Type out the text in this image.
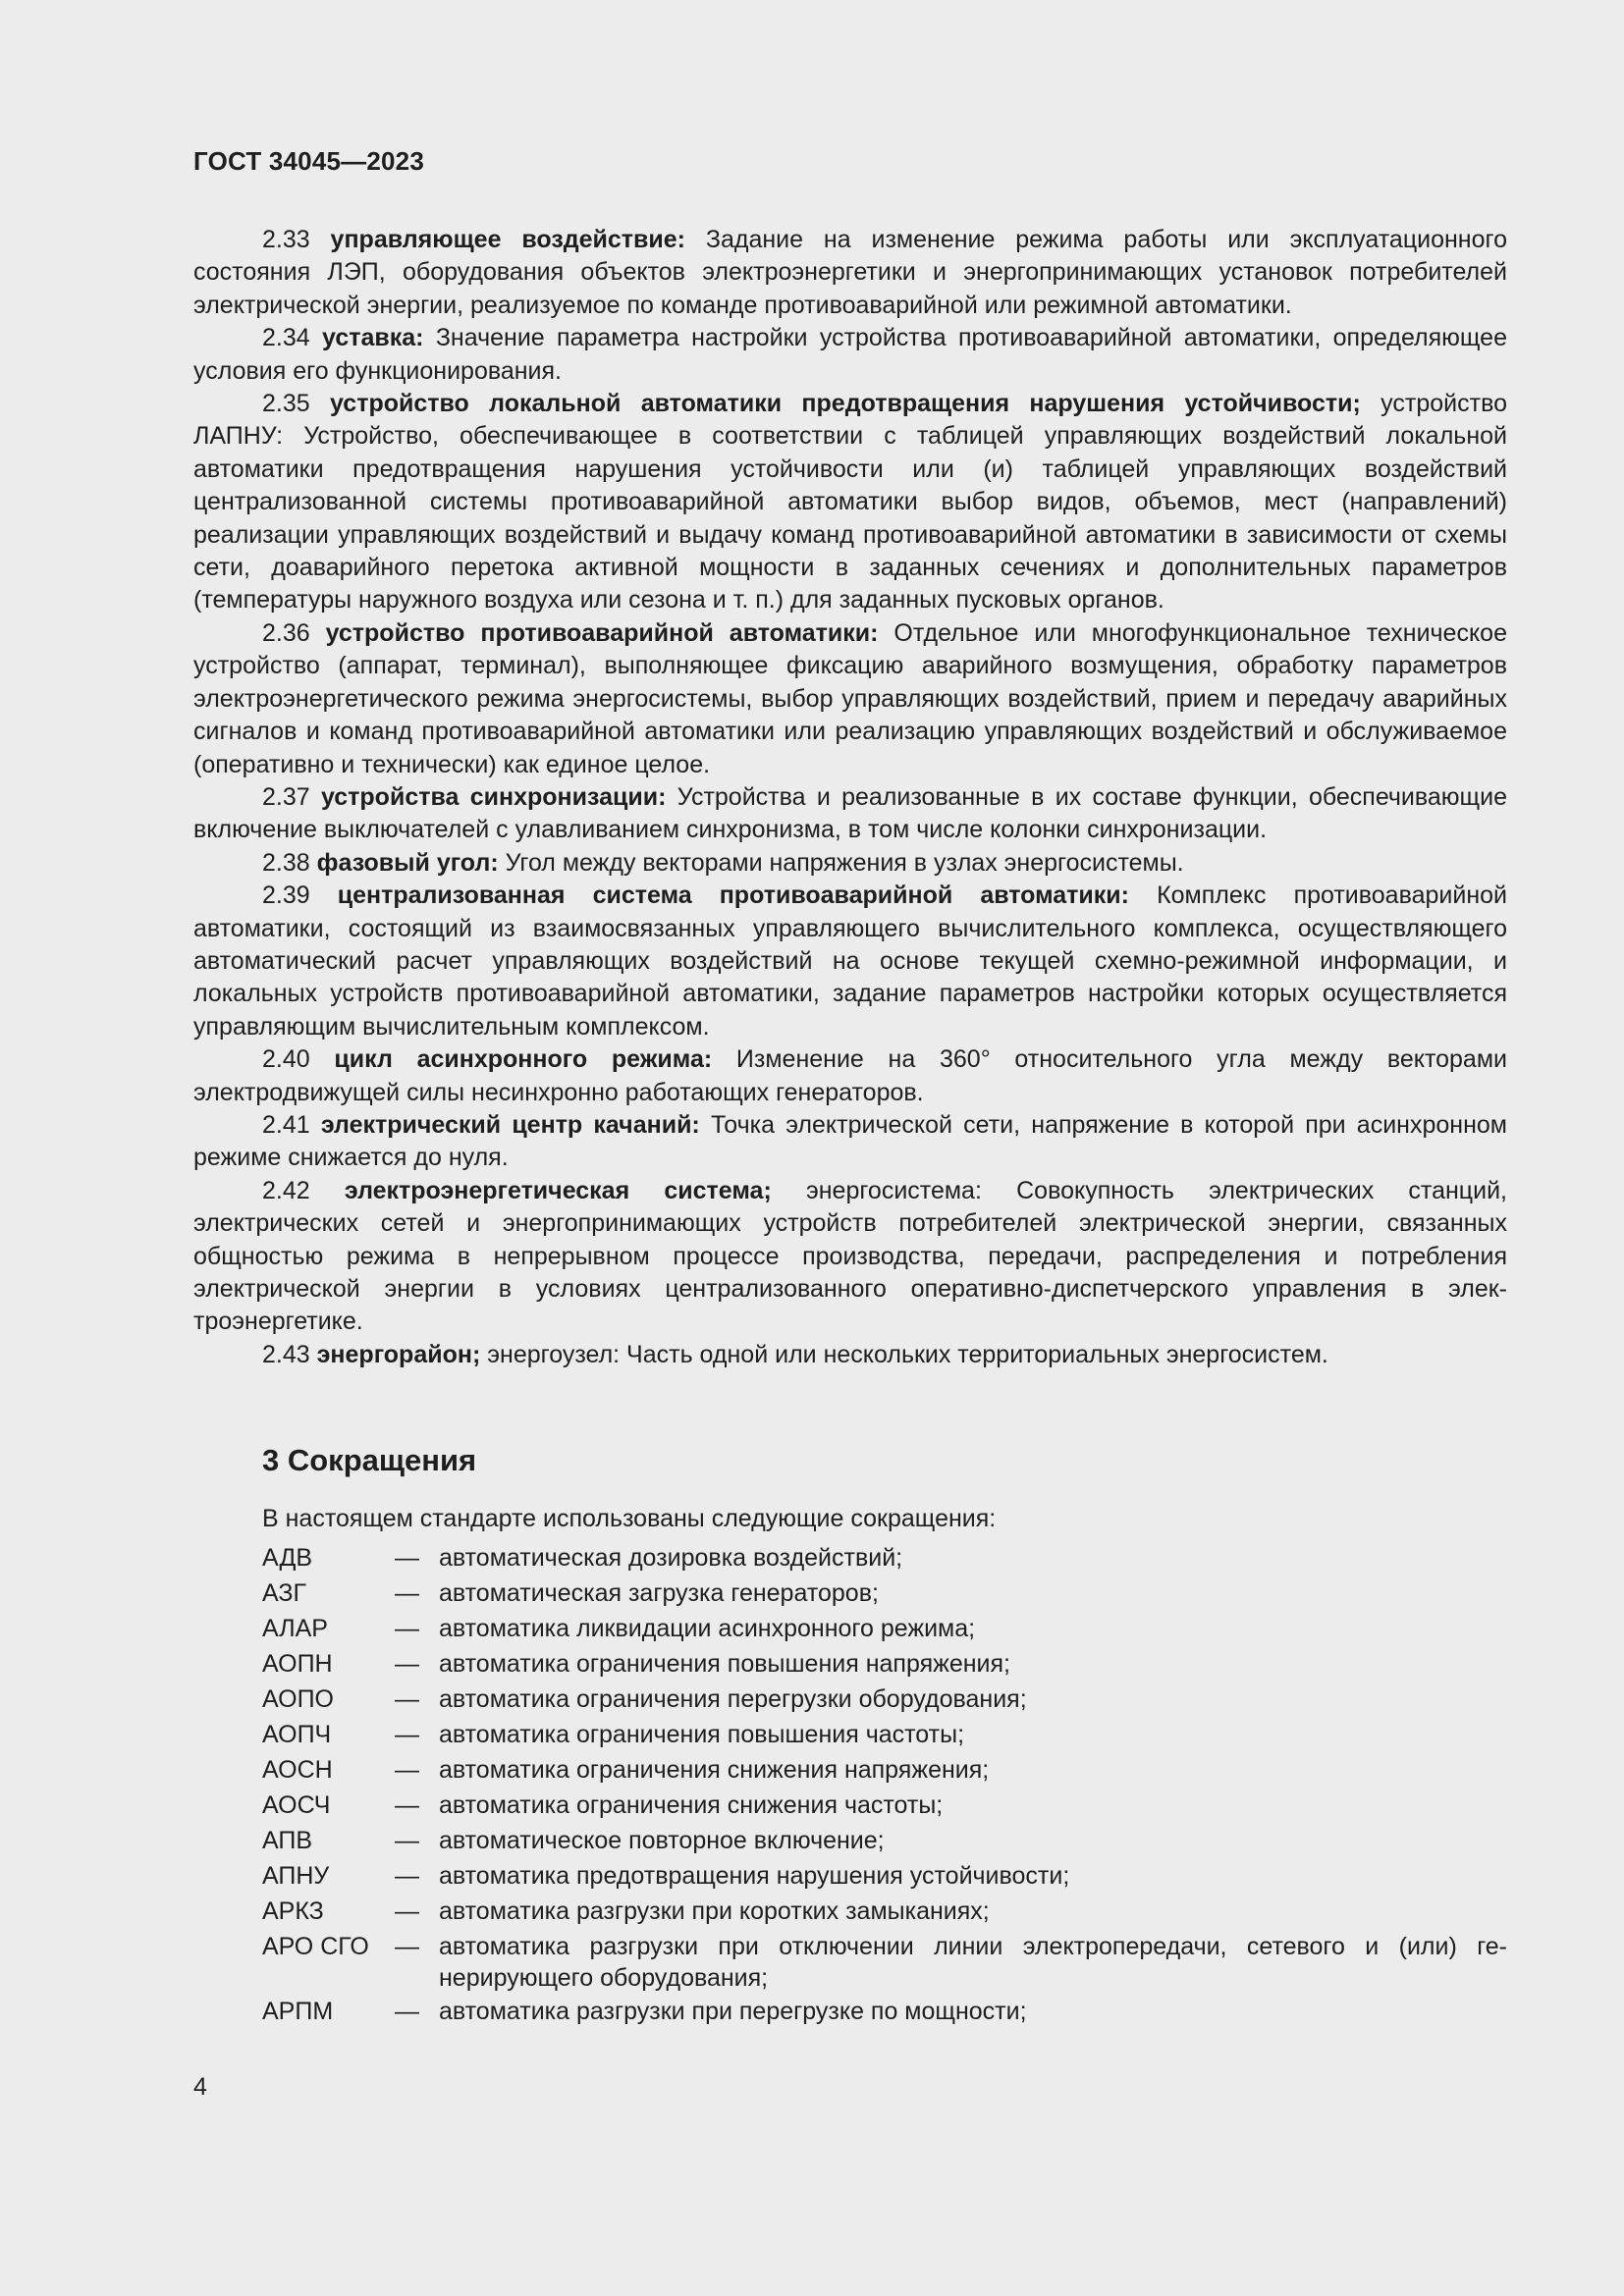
ГОСТ 34045—2023

2.33 управляющее воздействие: Задание на изменение режима работы или эксплуатационного состояния ЛЭП, оборудования объектов электроэнергетики и энергопринимающих установок потребителей электрической энергии, реализуемое по команде противоаварийной или режимной автоматики.

2.34 уставка: Значение параметра настройки устройства противоаварийной автоматики, определяющее условия его функционирования.

2.35 устройство локальной автоматики предотвращения нарушения устойчивости; устройство ЛАПНУ: Устройство, обеспечивающее в соответствии с таблицей управляющих воздействий локальной автоматики предотвращения нарушения устойчивости или (и) таблицей управляющих воздействий централизованной системы противоаварийной автоматики выбор видов, объемов, мест (направлений) реализации управляющих воздействий и выдачу команд противоаварийной автоматики в зависимости от схемы сети, доаварийного перетока активной мощности в заданных сечениях и дополнительных параметров (температуры наружного воздуха или сезона и т. п.) для заданных пусковых органов.

2.36 устройство противоаварийной автоматики: Отдельное или многофункциональное техническое устройство (аппарат, терминал), выполняющее фиксацию аварийного возмущения, обработку параметров электроэнергетического режима энергосистемы, выбор управляющих воздействий, прием и передачу аварийных сигналов и команд противоаварийной автоматики или реализацию управляющих воздействий и обслуживаемое (оперативно и технически) как единое целое.

2.37 устройства синхронизации: Устройства и реализованные в их составе функции, обеспечивающие включение выключателей с улавливанием синхронизма, в том числе колонки синхронизации.

2.38 фазовый угол: Угол между векторами напряжения в узлах энергосистемы.

2.39 централизованная система противоаварийной автоматики: Комплекс противоаварийной автоматики, состоящий из взаимосвязанных управляющего вычислительного комплекса, осуществляющего автоматический расчет управляющих воздействий на основе текущей схемно-режимной информации, и локальных устройств противоаварийной автоматики, задание параметров настройки которых осуществляется управляющим вычислительным комплексом.

2.40 цикл асинхронного режима: Изменение на 360° относительного угла между векторами электродвижущей силы несинхронно работающих генераторов.

2.41 электрический центр качаний: Точка электрической сети, напряжение в которой при асинхронном режиме снижается до нуля.

2.42 электроэнергетическая система; энергосистема: Совокупность электрических станций, электрических сетей и энергопринимающих устройств потребителей электрической энергии, связанных общностью режима в непрерывном процессе производства, передачи, распределения и потребления электрической энергии в условиях централизованного оперативно-диспетчерского управления в электроэнергетике.

2.43 энергорайон; энергоузел: Часть одной или нескольких территориальных энергосистем.

3 Сокращения
В настоящем стандарте использованы следующие сокращения:
АДВ	— автоматическая дозировка воздействий;
АЗГ	— автоматическая загрузка генераторов;
АЛАР	— автоматика ликвидации асинхронного режима;
АОПН	— автоматика ограничения повышения напряжения;
АОПО	— автоматика ограничения перегрузки оборудования;
АОПЧ	— автоматика ограничения повышения частоты;
АОСН	— автоматика ограничения снижения напряжения;
АОСЧ	— автоматика ограничения снижения частоты;
АПВ	— автоматическое повторное включение;
АПНУ	— автоматика предотвращения нарушения устойчивости;
АРКЗ	— автоматика разгрузки при коротких замыканиях;
АРО СГО	— автоматика разгрузки при отключении линии электропередачи, сетевого и (или) генерирующего оборудования;
АРПМ	— автоматика разгрузки при перегрузке по мощности;
4
